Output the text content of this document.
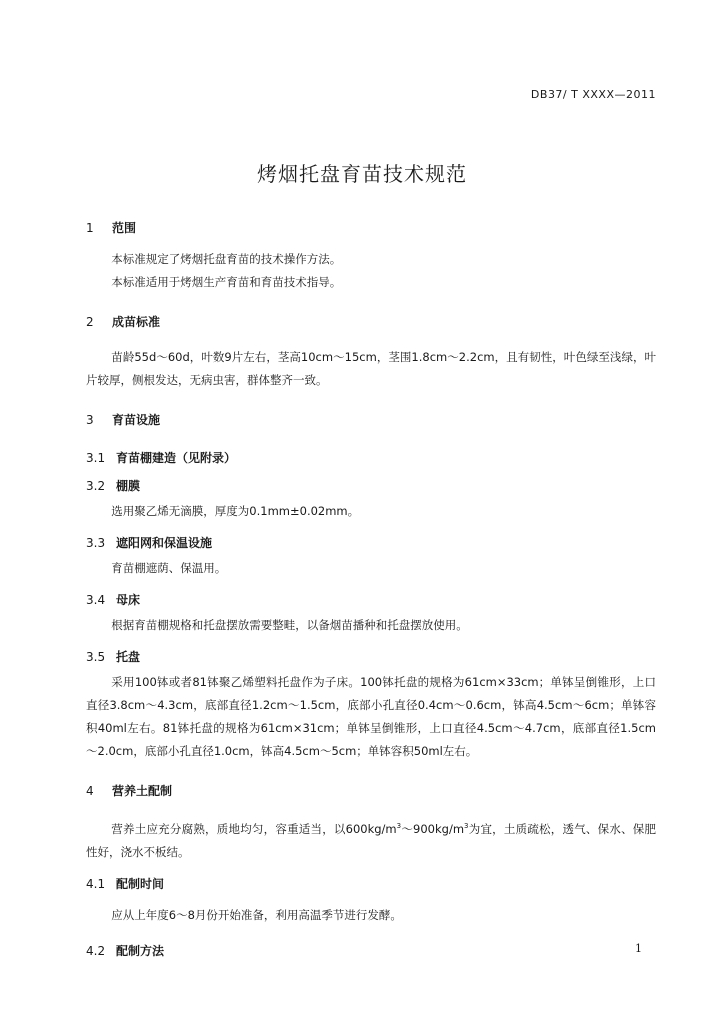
DB37/ T XXXX—2011
烤烟托盘育苗技术规范
1 范围

本标准规定了烤烟托盘育苗的技术操作方法。

本标准适用于烤烟生产育苗和育苗技术指导。

2 成苗标准

苗龄55d～60d，叶数9片左右，茎高10cm～15cm，茎围1.8cm～2.2cm，且有韧性，叶色绿至浅绿，叶片较厚，侧根发达，无病虫害，群体整齐一致。

3 育苗设施
3.1 育苗棚建造（见附录）
3.2 棚膜

选用聚乙烯无滴膜，厚度为0.1mm±0.02mm。

3.3 遮阳网和保温设施

育苗棚遮荫、保温用。

3.4 母床

根据育苗棚规格和托盘摆放需要整畦，以备烟苗播种和托盘摆放使用。

3.5 托盘

采用100钵或者81钵聚乙烯塑料托盘作为子床。100钵托盘的规格为61cm×33cm；单钵呈倒锥形，上口直径3.8cm～4.3cm，底部直径1.2cm～1.5cm，底部小孔直径0.4cm～0.6cm，钵高4.5cm～6cm；单钵容积40ml左右。81钵托盘的规格为61cm×31cm；单钵呈倒锥形，上口直径4.5cm～4.7cm，底部直径1.5cm～2.0cm，底部小孔直径1.0cm，钵高4.5cm～5cm；单钵容积50ml左右。

4 营养土配制

营养土应充分腐熟，质地均匀，容重适当，以$600kg/m^3\sim 900kg/m^3$为宜，土质疏松，透气、保水、保肥性好，浇水不板结。

4.1 配制时间

应从上年度6～8月份开始准备，利用高温季节进行发酵。

4.2 配制方法	1
